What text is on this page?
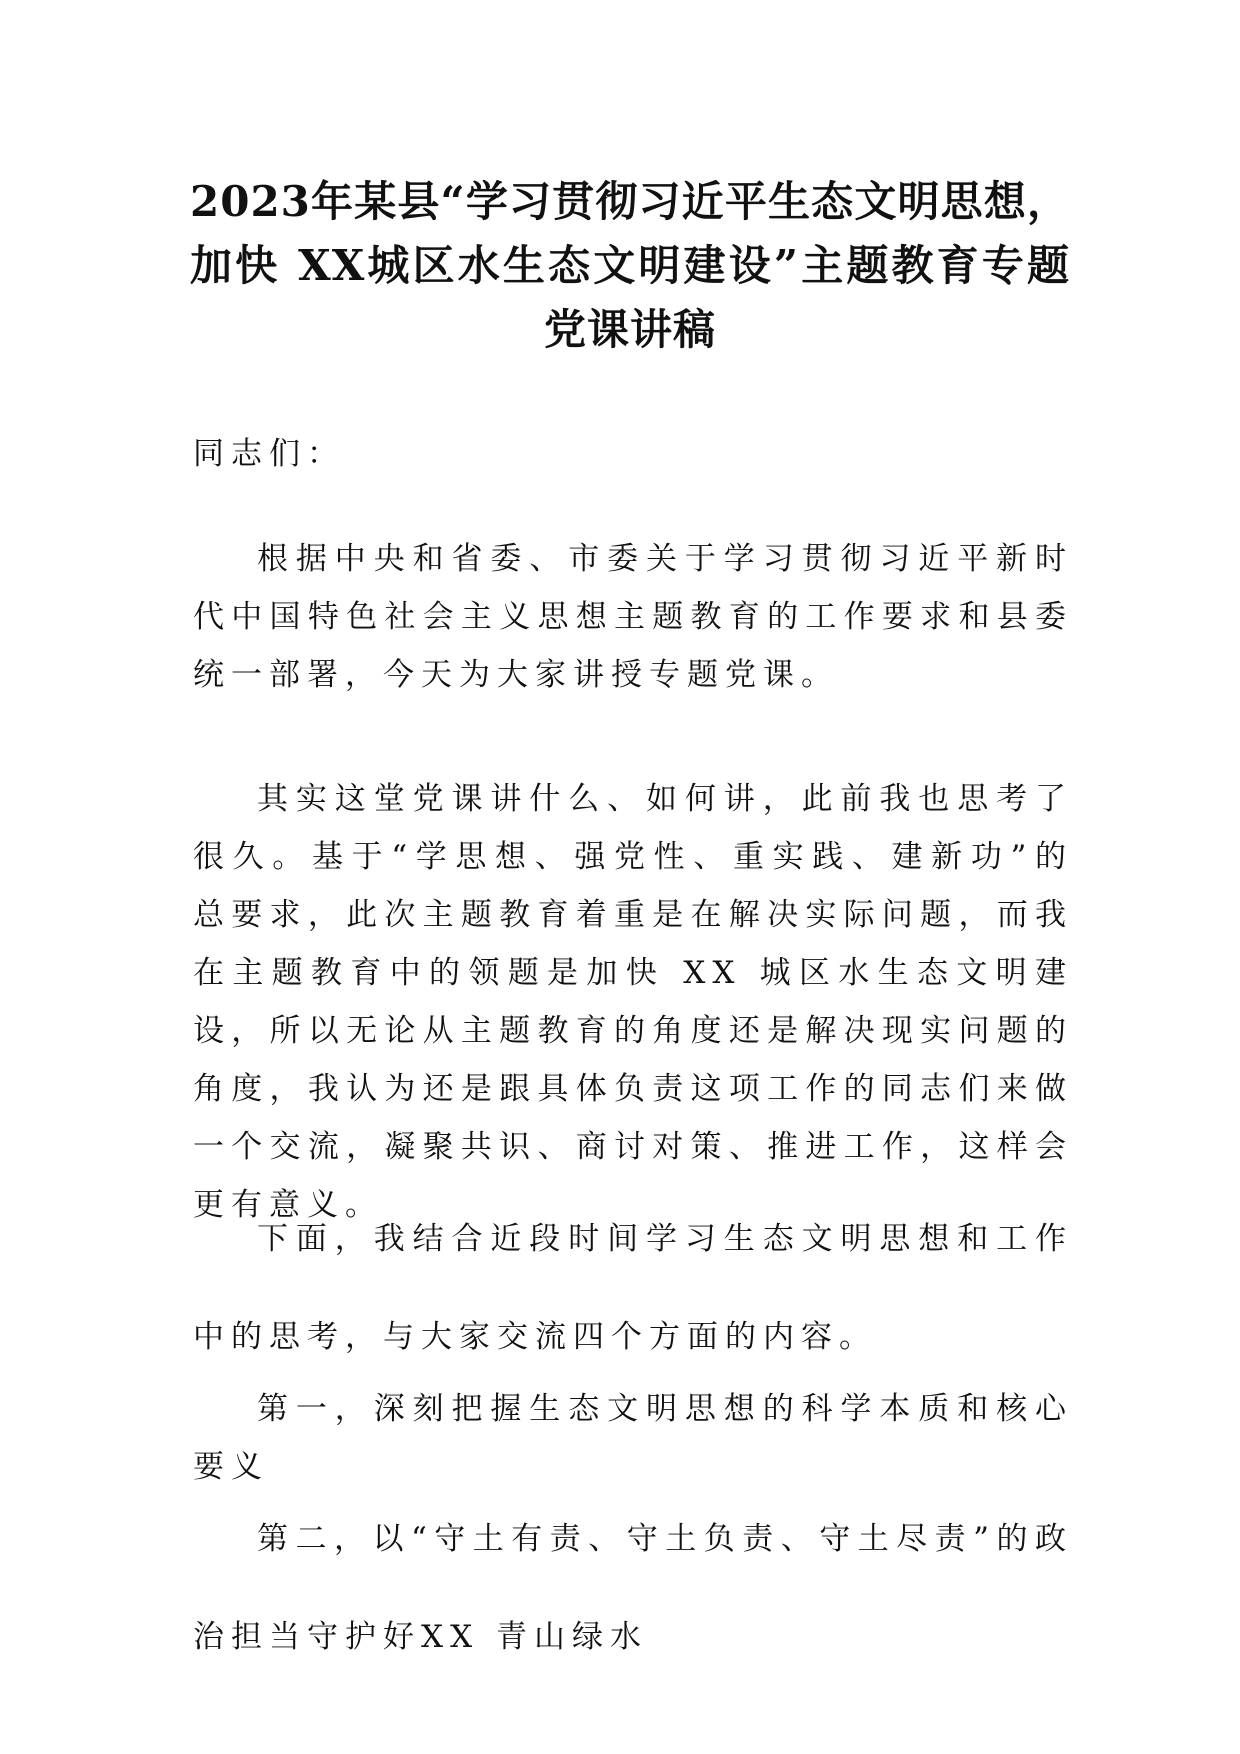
2023年某县“学习贯彻习近平生态文明思想，加快 XX城区水生态文明建设”主题教育专题党课讲稿

同志们：

根据中央和省委、市委关于学习贯彻习近平新时代中国特色社会主义思想主题教育的工作要求和县委统一部署，今天为大家讲授专题党课。

其实这堂党课讲什么、如何讲，此前我也思考了很久。基于“学思想、强党性、重实践、建新功”的总要求，此次主题教育着重是在解决实际问题，而我在主题教育中的领题是加快 XX 城区水生态文明建设，所以无论从主题教育的角度还是解决现实问题的角度，我认为还是跟具体负责这项工作的同志们来做一个交流，凝聚共识、商讨对策、推进工作，这样会更有意义。

下面，我结合近段时间学习生态文明思想和工作中的思考，与大家交流四个方面的内容。

第一，深刻把握生态文明思想的科学本质和核心要义

第二，以“守土有责、守土负责、守土尽责”的政治担当守护好XX 青山绿水
